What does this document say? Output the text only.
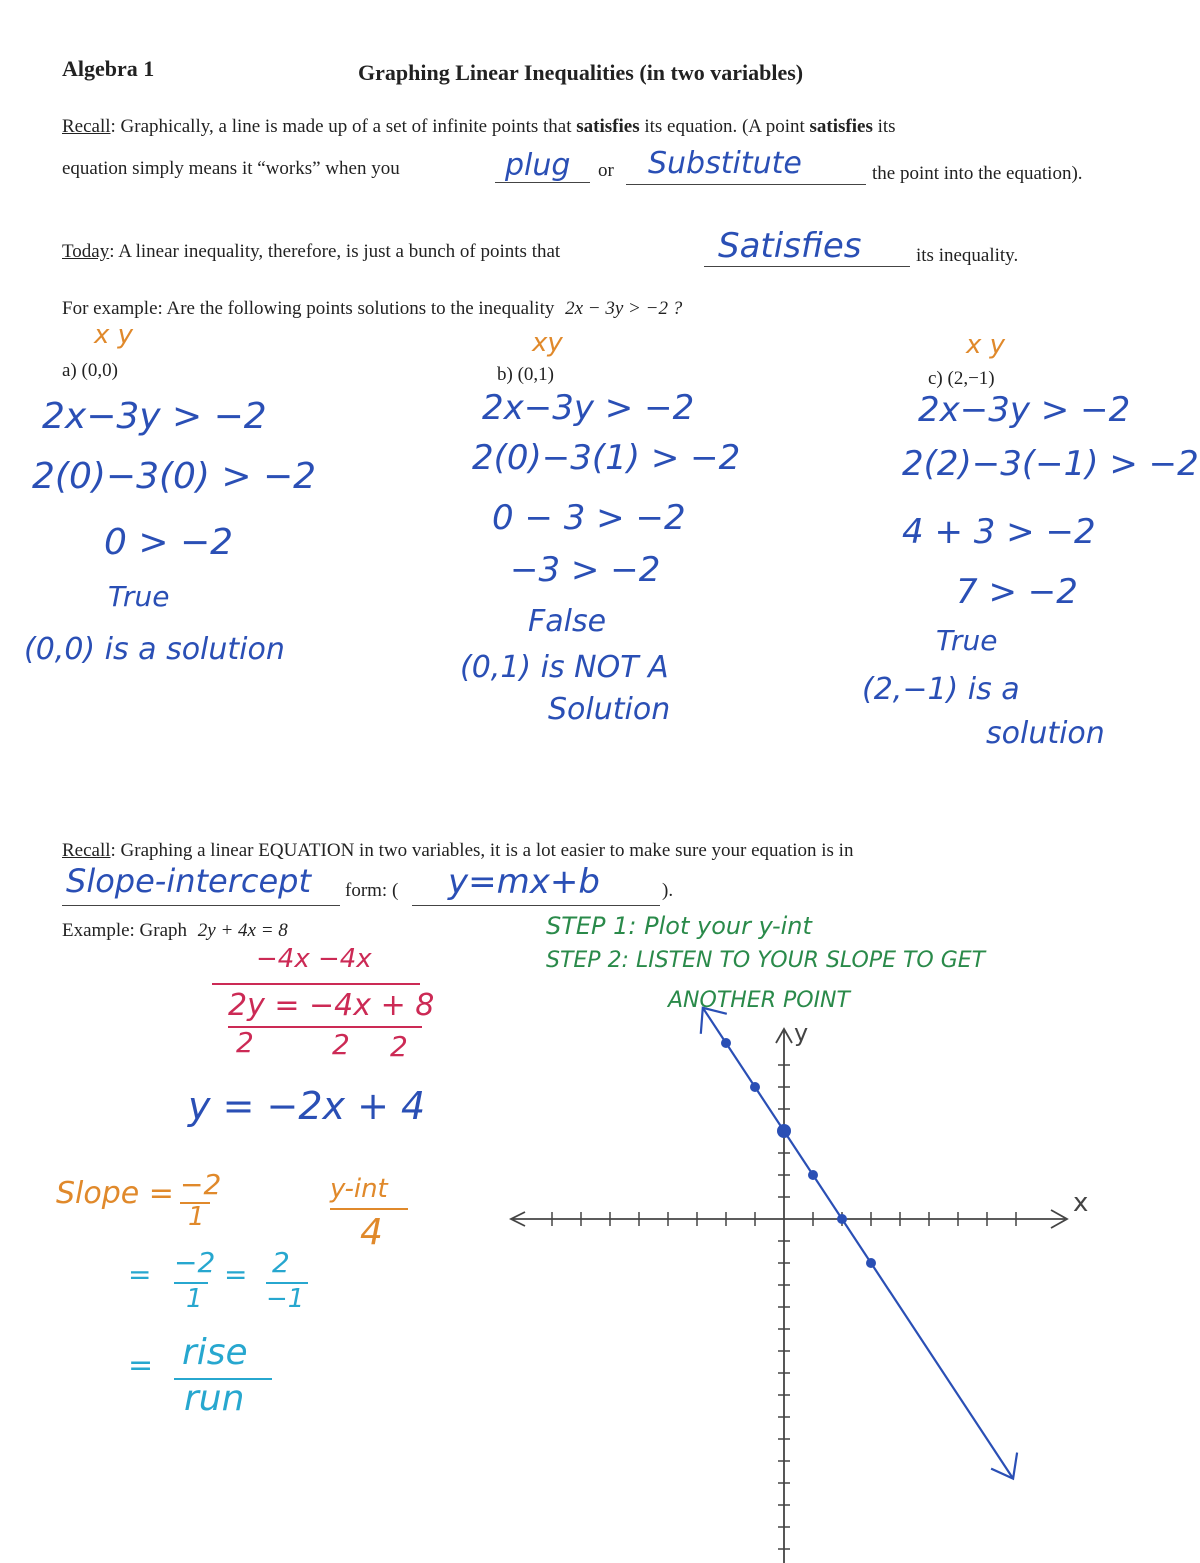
Algebra 1	Graphing Linear Inequalities (in two variables)
Recall: Graphically, a line is made up of a set of infinite points that satisfies its equation. (A point satisfies its
equation simply means it “works” when you	plug or Substitute	the point into the equation).
Today: A linear inequality, therefore, is just a bunch of points that	Satisfies	its inequality.
For example: Are the following points solutions to the inequality 2x − 3y > −2 ?
x y
a) (0,0)
2x−3y > −2
2(0)−3(0) > −2
0 > −2
True
(0,0) is a solution
xy
b) (0,1)
2x−3y > −2
2(0)−3(1) > −2
0 − 3 > −2
−3 > −2
False
(0,1) is NOT A
Solution
x y
c) (2,−1)
2x−3y > −2
2(2)−3(−1) > −2
4 + 3 > −2
7 > −2
True
(2,−1) is a
solution
Recall: Graphing a linear EQUATION in two variables, it is a lot easier to make sure your equation is in
Slope-intercept form: ( y=mx+b	).
Example: Graph 2y + 4x = 8
−4x −4x
2y = −4x + 8
2	2 2
y = −2x + 4
Slope = −2
1
y-int
4
= −2
1
= 2
−1
= rise
run
STEP 1: Plot your y-int
STEP 2: LISTEN TO YOUR SLOPE TO GET
ANOTHER POINT
x
y
